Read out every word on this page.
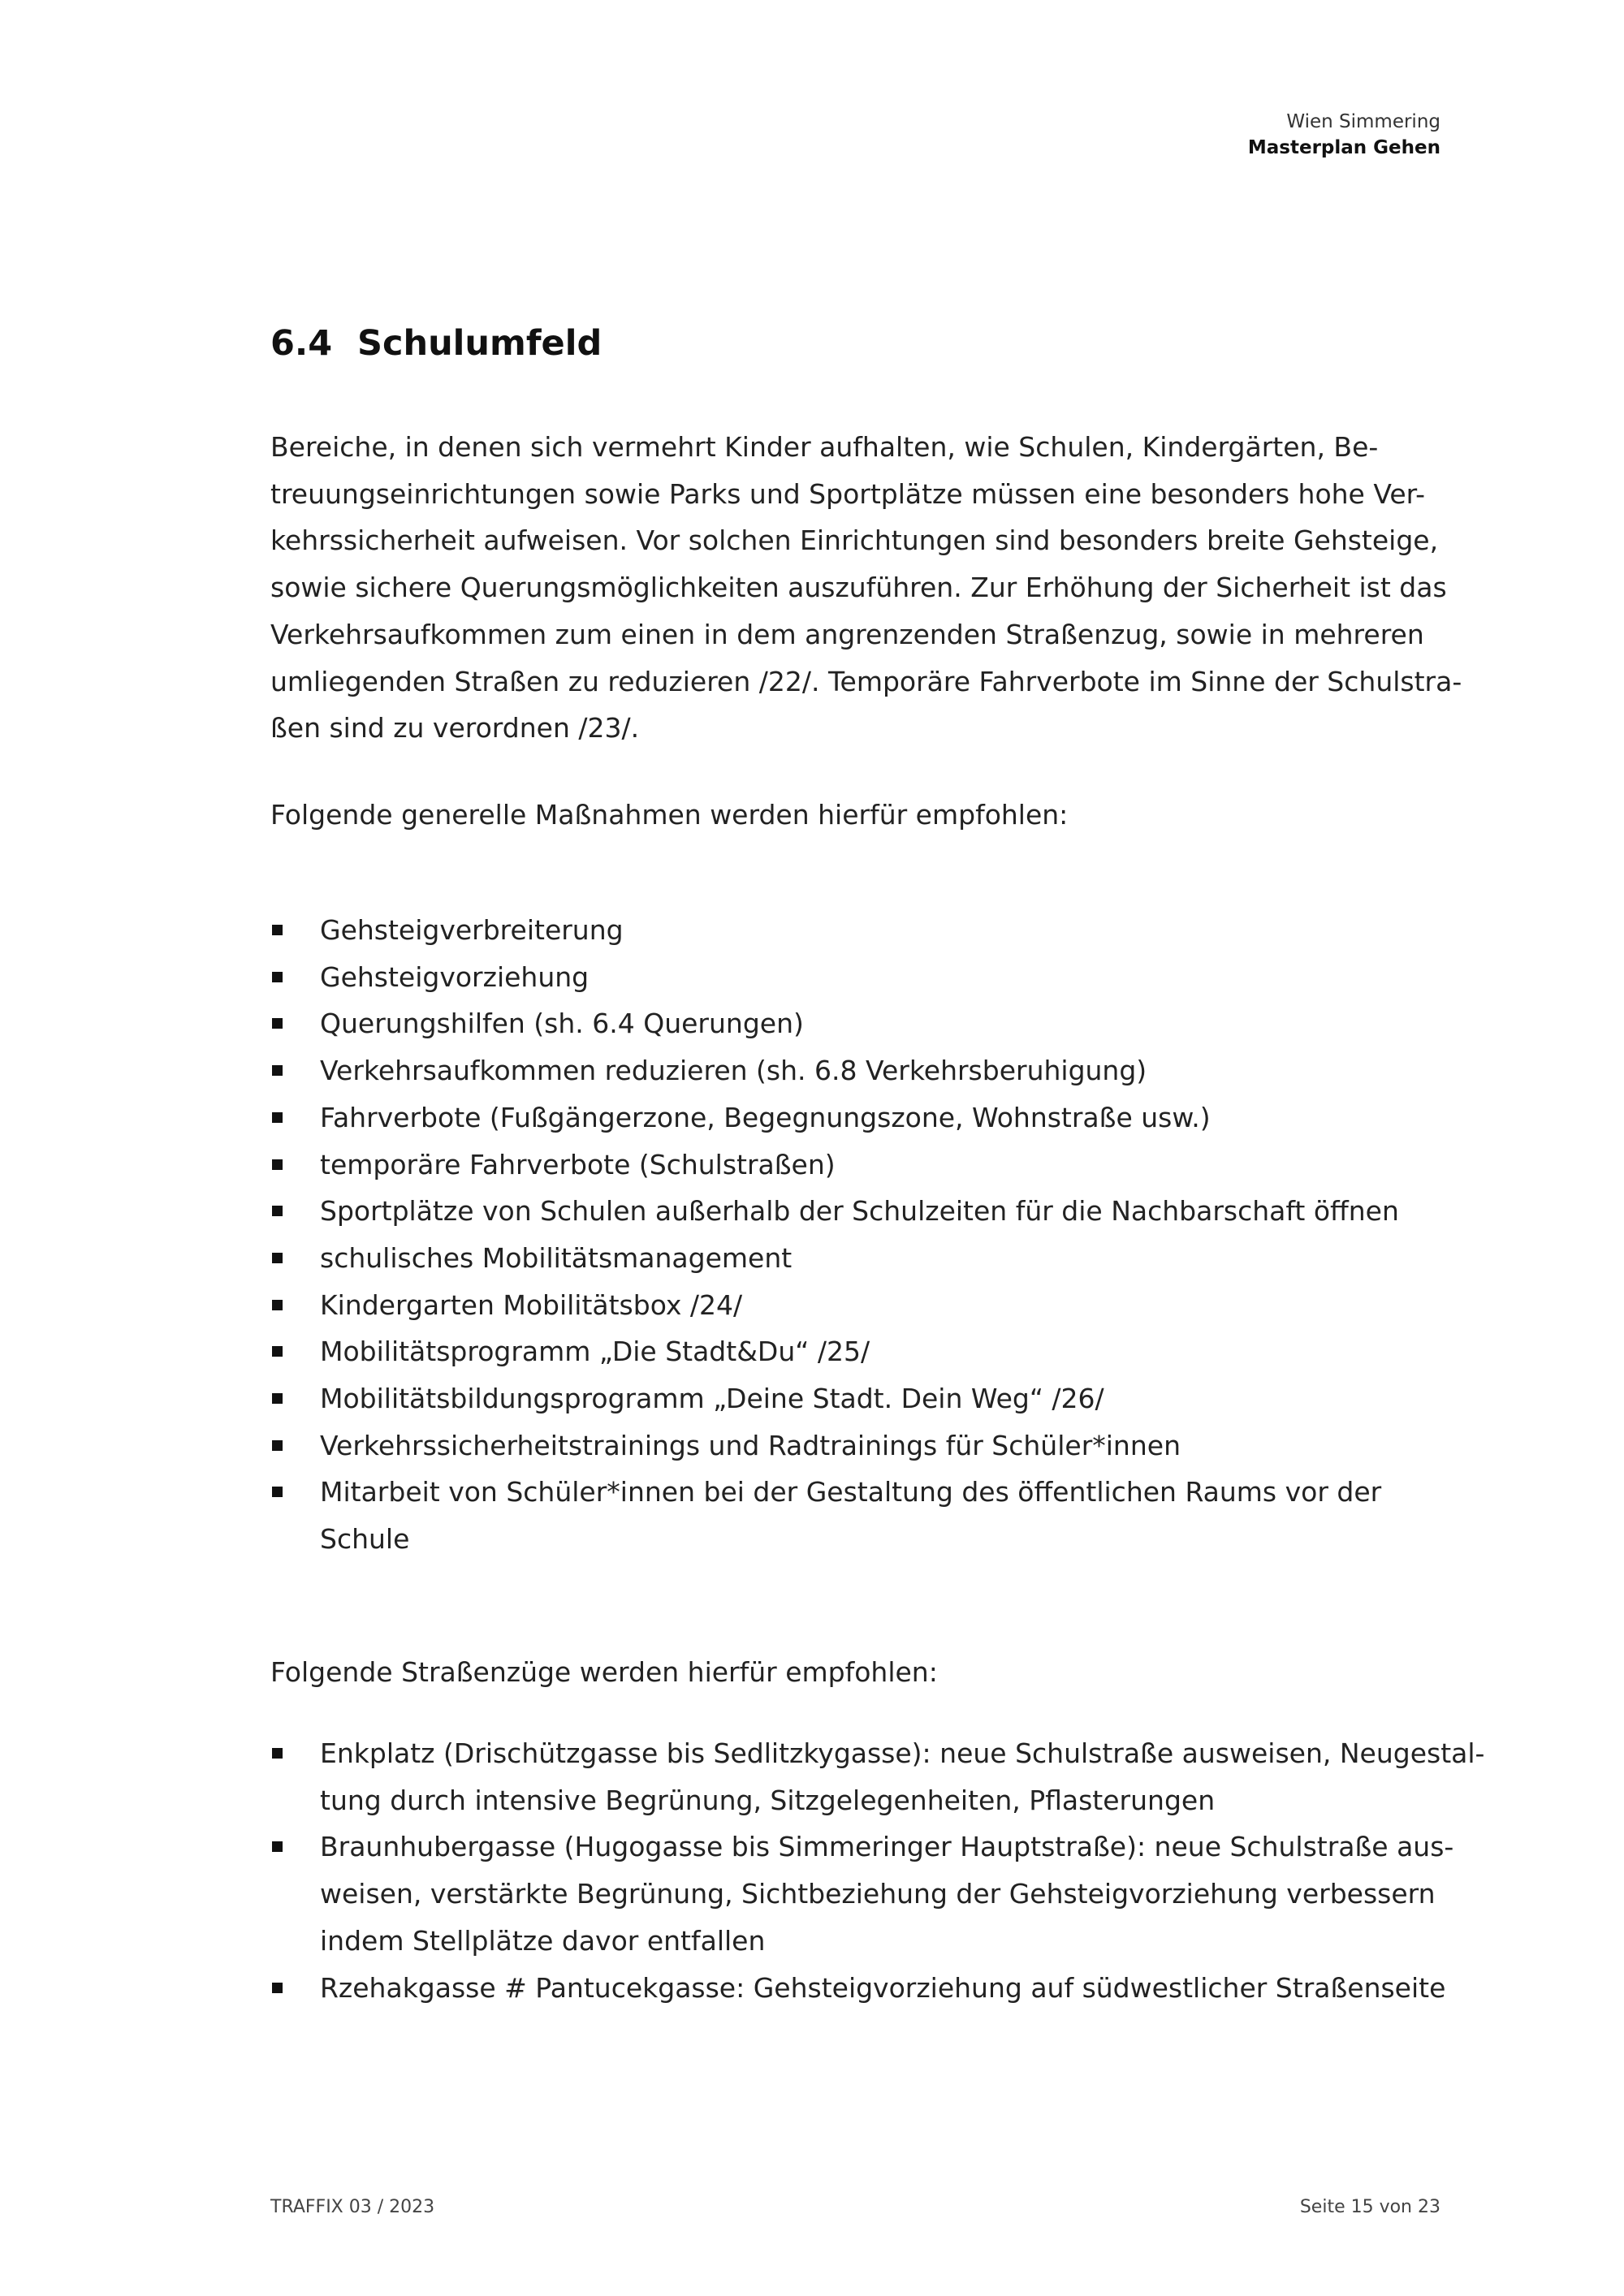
Wien Simmering
Masterplan Gehen
6.4 Schulumfeld

Bereiche, in denen sich vermehrt Kinder aufhalten, wie Schulen, Kindergärten, Be-
treuungseinrichtungen sowie Parks und Sportplätze müssen eine besonders hohe Ver-
kehrssicherheit aufweisen. Vor solchen Einrichtungen sind besonders breite Gehsteige,
sowie sichere Querungsmöglichkeiten auszuführen. Zur Erhöhung der Sicherheit ist das
Verkehrsaufkommen zum einen in dem angrenzenden Straßenzug, sowie in mehreren
umliegenden Straßen zu reduzieren /22/. Temporäre Fahrverbote im Sinne der Schulstra-
ßen sind zu verordnen /23/.

Folgende generelle Maßnahmen werden hierfür empfohlen:

Gehsteigverbreiterung
Gehsteigvorziehung
Querungshilfen (sh. 6.4 Querungen)
Verkehrsaufkommen reduzieren (sh. 6.8 Verkehrsberuhigung)
Fahrverbote (Fußgängerzone, Begegnungszone, Wohnstraße usw.)
temporäre Fahrverbote (Schulstraßen)
Sportplätze von Schulen außerhalb der Schulzeiten für die Nachbarschaft öffnen
schulisches Mobilitätsmanagement
Kindergarten Mobilitätsbox /24/
Mobilitätsprogramm „Die Stadt&Du“ /25/
Mobilitätsbildungsprogramm „Deine Stadt. Dein Weg“ /26/
Verkehrssicherheitstrainings und Radtrainings für Schüler*innen
Mitarbeit von Schüler*innen bei der Gestaltung des öffentlichen Raums vor der
Schule

Folgende Straßenzüge werden hierfür empfohlen:

Enkplatz (Drischützgasse bis Sedlitzkygasse): neue Schulstraße ausweisen, Neugestal-
tung durch intensive Begrünung, Sitzgelegenheiten, Pflasterungen
Braunhubergasse (Hugogasse bis Simmeringer Hauptstraße): neue Schulstraße aus-
weisen, verstärkte Begrünung, Sichtbeziehung der Gehsteigvorziehung verbessern
indem Stellplätze davor entfallen
Rzehakgasse # Pantucekgasse: Gehsteigvorziehung auf südwestlicher Straßenseite
TRAFFIX 03 / 2023	Seite 15 von 23
